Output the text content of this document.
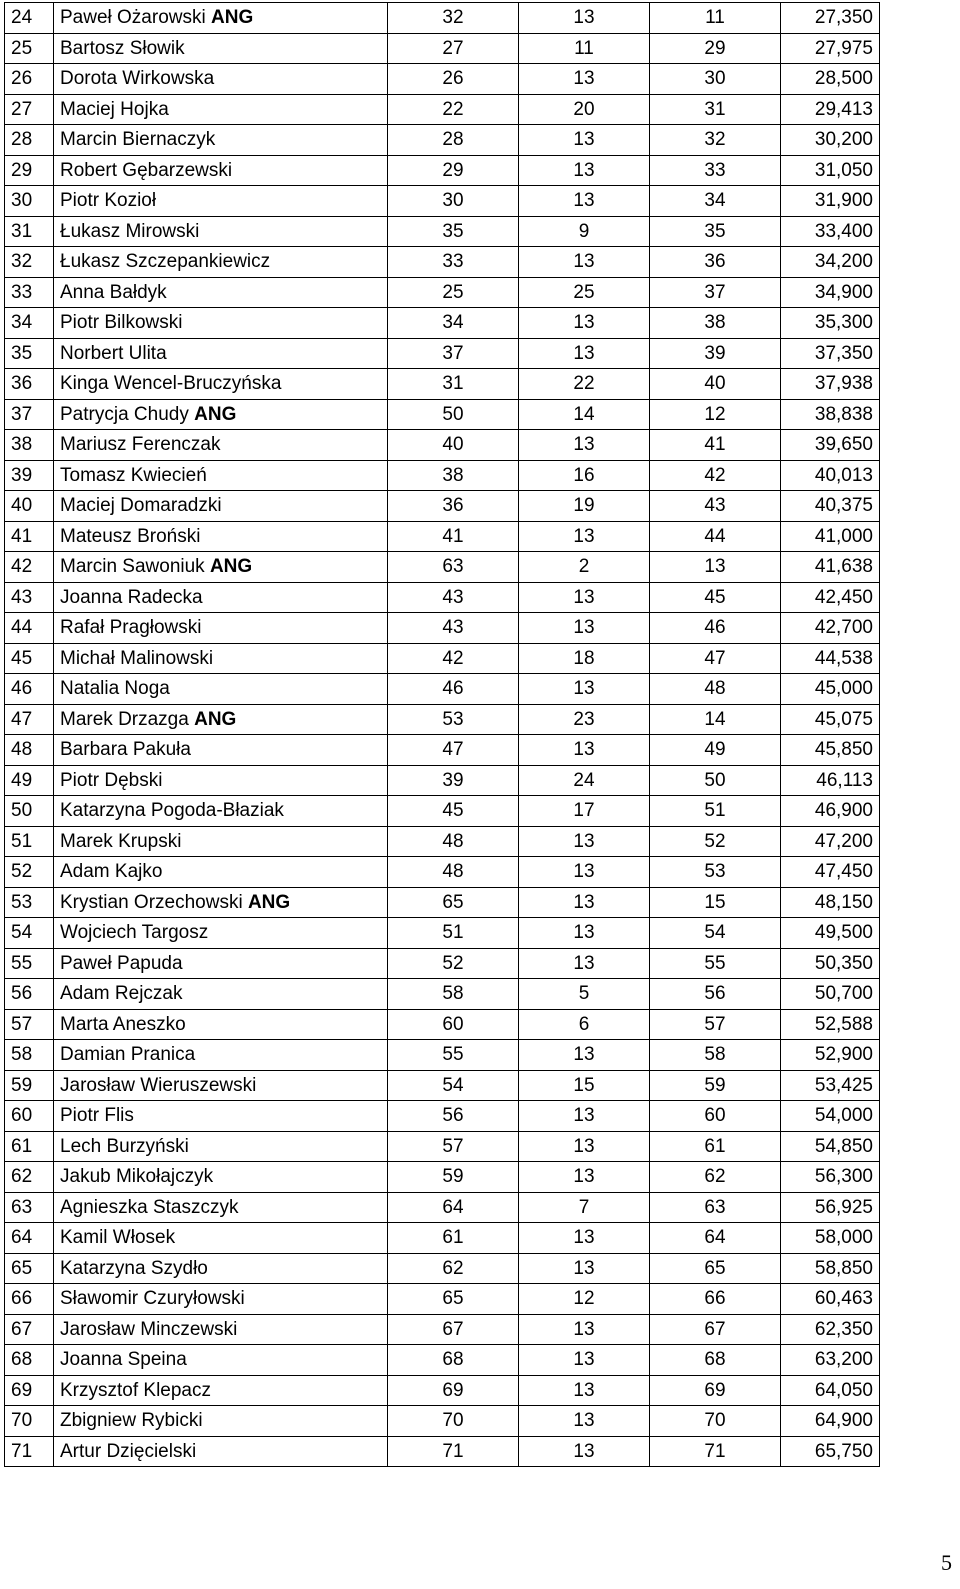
24	Paweł Ożarowski ANG	32	13	11	27,350
25	Bartosz Słowik	27	11	29	27,975
26	Dorota Wirkowska	26	13	30	28,500
27	Maciej Hojka	22	20	31	29,413
28	Marcin Biernaczyk	28	13	32	30,200
29	Robert Gębarzewski	29	13	33	31,050
30	Piotr Kozioł	30	13	34	31,900
31	Łukasz Mirowski	35	9	35	33,400
32	Łukasz Szczepankiewicz	33	13	36	34,200
33	Anna Bałdyk	25	25	37	34,900
34	Piotr Bilkowski	34	13	38	35,300
35	Norbert Ulita	37	13	39	37,350
36	Kinga Wencel-Bruczyńska	31	22	40	37,938
37	Patrycja Chudy ANG	50	14	12	38,838
38	Mariusz Ferenczak	40	13	41	39,650
39	Tomasz Kwiecień	38	16	42	40,013
40	Maciej Domaradzki	36	19	43	40,375
41	Mateusz Broński	41	13	44	41,000
42	Marcin Sawoniuk ANG	63	2	13	41,638
43	Joanna Radecka	43	13	45	42,450
44	Rafał Pragłowski	43	13	46	42,700
45	Michał Malinowski	42	18	47	44,538
46	Natalia Noga	46	13	48	45,000
47	Marek Drzazga ANG	53	23	14	45,075
48	Barbara Pakuła	47	13	49	45,850
49	Piotr Dębski	39	24	50	46,113
50	Katarzyna Pogoda-Błaziak	45	17	51	46,900
51	Marek Krupski	48	13	52	47,200
52	Adam Kajko	48	13	53	47,450
53	Krystian Orzechowski ANG	65	13	15	48,150
54	Wojciech Targosz	51	13	54	49,500
55	Paweł Papuda	52	13	55	50,350
56	Adam Rejczak	58	5	56	50,700
57	Marta Aneszko	60	6	57	52,588
58	Damian Pranica	55	13	58	52,900
59	Jarosław Wieruszewski	54	15	59	53,425
60	Piotr Flis	56	13	60	54,000
61	Lech Burzyński	57	13	61	54,850
62	Jakub Mikołajczyk	59	13	62	56,300
63	Agnieszka Staszczyk	64	7	63	56,925
64	Kamil Włosek	61	13	64	58,000
65	Katarzyna Szydło	62	13	65	58,850
66	Sławomir Czuryłowski	65	12	66	60,463
67	Jarosław Minczewski	67	13	67	62,350
68	Joanna Speina	68	13	68	63,200
69	Krzysztof Klepacz	69	13	69	64,050
70	Zbigniew Rybicki	70	13	70	64,900
71	Artur Dzięcielski	71	13	71	65,750
5
